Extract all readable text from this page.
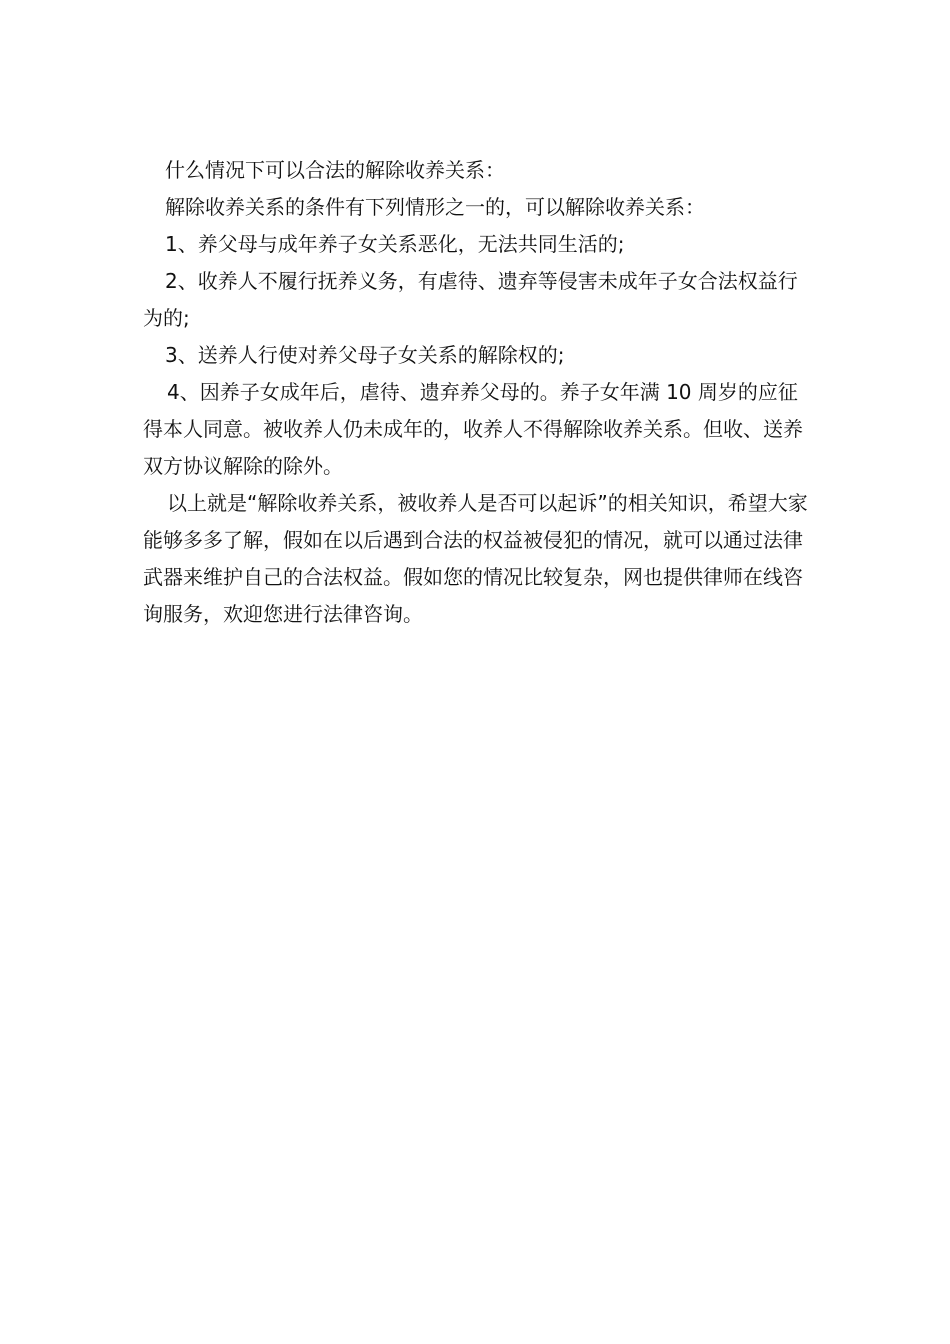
什么情况下可以合法的解除收养关系：

解除收养关系的条件有下列情形之一的，可以解除收养关系：

1、养父母与成年养子女关系恶化，无法共同生活的;

2、收养人不履行抚养义务，有虐待、遗弃等侵害未成年子女合法权益行为的;

3、送养人行使对养父母子女关系的解除权的;

4、因养子女成年后，虐待、遗弃养父母的。养子女年满 10 周岁的应征得本人同意。被收养人仍未成年的，收养人不得解除收养关系。但收、送养双方协议解除的除外。

以上就是“解除收养关系，被收养人是否可以起诉”的相关知识，希望大家能够多多了解，假如在以后遇到合法的权益被侵犯的情况，就可以通过法律武器来维护自己的合法权益。假如您的情况比较复杂，网也提供律师在线咨询服务，欢迎您进行法律咨询。
